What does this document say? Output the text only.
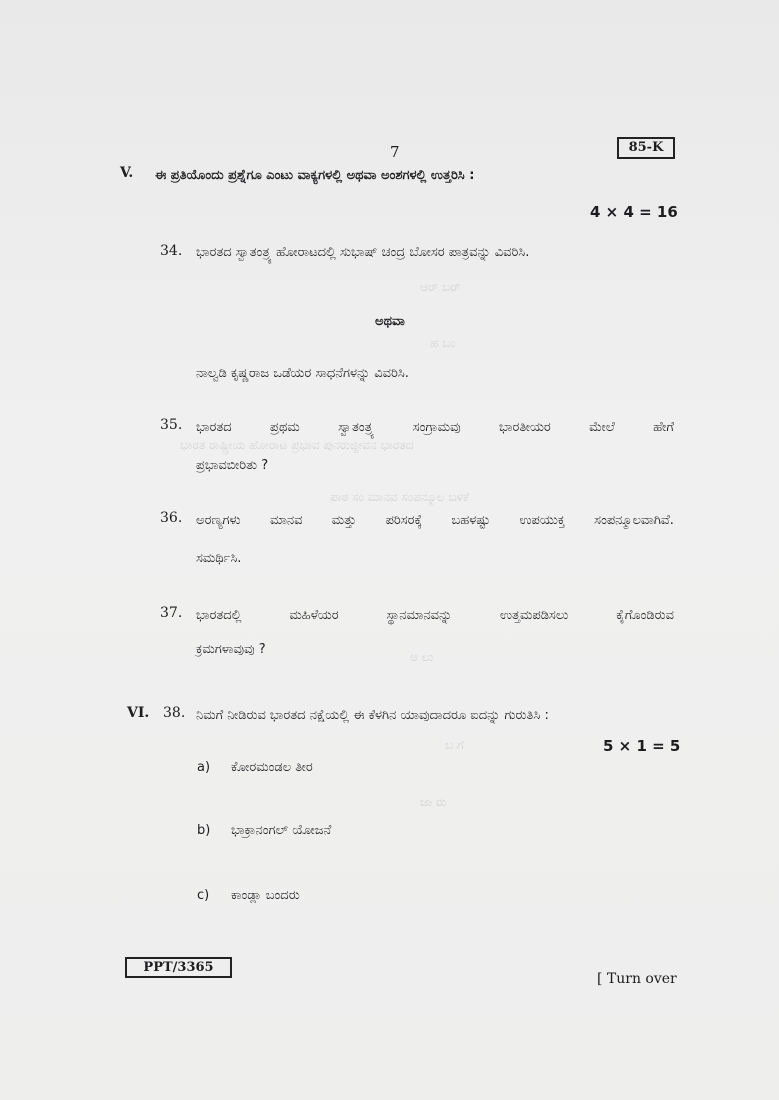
ಆರ್‍ ಬರ್
ಹ ಬಂ
ಭಾರತ ರಾಷ್ಟ್ರೀಯ ಹೋರಾಟ ಪ್ರಭಾವ ಪುನರುಜ್ಜೀವನ ಭಾರತದ
ಪಾಠ ಸಂ ಮಾನವ ಸಂಪನ್ಮೂಲ ಬಳಕೆ
ಆ ಲು
ಬ ಗೆ
ಜಾ ರು
7	85-K
V. ಈ ಪ್ರತಿಯೊಂದು ಪ್ರಶ್ನೆಗೂ ಎಂಟು ವಾಕ್ಯಗಳಲ್ಲಿ ಅಥವಾ ಅಂಶಗಳಲ್ಲಿ ಉತ್ತರಿಸಿ :
4 × 4 = 16
34. ಭಾರತದ ಸ್ವಾತಂತ್ರ್ಯ ಹೋರಾಟದಲ್ಲಿ ಸುಭಾಷ್ ಚಂದ್ರ ಬೋಸರ ಪಾತ್ರವನ್ನು ವಿವರಿಸಿ.
ಅಥವಾ
ನಾಲ್ವಡಿ ಕೃಷ್ಣರಾಜ ಒಡೆಯರ ಸಾಧನೆಗಳನ್ನು ವಿವರಿಸಿ.
35. ಭಾರತದ	ಪ್ರಥಮ	ಸ್ವಾತಂತ್ರ್ಯ	ಸಂಗ್ರಾಮವು	ಭಾರತೀಯರ	ಮೇಲೆ	ಹೇಗೆ
ಪ್ರಭಾವಬೀರಿತು ?
36. ಅರಣ್ಯಗಳು ಮಾನವ ಮತ್ತು ಪರಿಸರಕ್ಕೆ ಬಹಳಷ್ಟು ಉಪಯುಕ್ತ ಸಂಪನ್ಮೂಲವಾಗಿವೆ.
ಸಮರ್ಥಿಸಿ.
37. ಭಾರತದಲ್ಲಿ	ಮಹಿಳೆಯರ	ಸ್ಥಾನಮಾನವನ್ನು	ಉತ್ತಮಪಡಿಸಲು	ಕೈಗೊಂಡಿರುವ
ಕ್ರಮಗಳಾವುವು ?
VI. 38. ನಿಮಗೆ ನೀಡಿರುವ ಭಾರತದ ನಕ್ಷೆಯಲ್ಲಿ ಈ ಕೆಳಗಿನ ಯಾವುದಾದರೂ ಐದನ್ನು ಗುರುತಿಸಿ :
5 × 1 = 5
a) ಕೋರಮಂಡಲ ತೀರ
b) ಭಾಕ್ರಾನಂಗಲ್ ಯೋಜನೆ
c) ಕಾಂಡ್ಲಾ ಬಂದರು
PPT/3365
[ Turn over
